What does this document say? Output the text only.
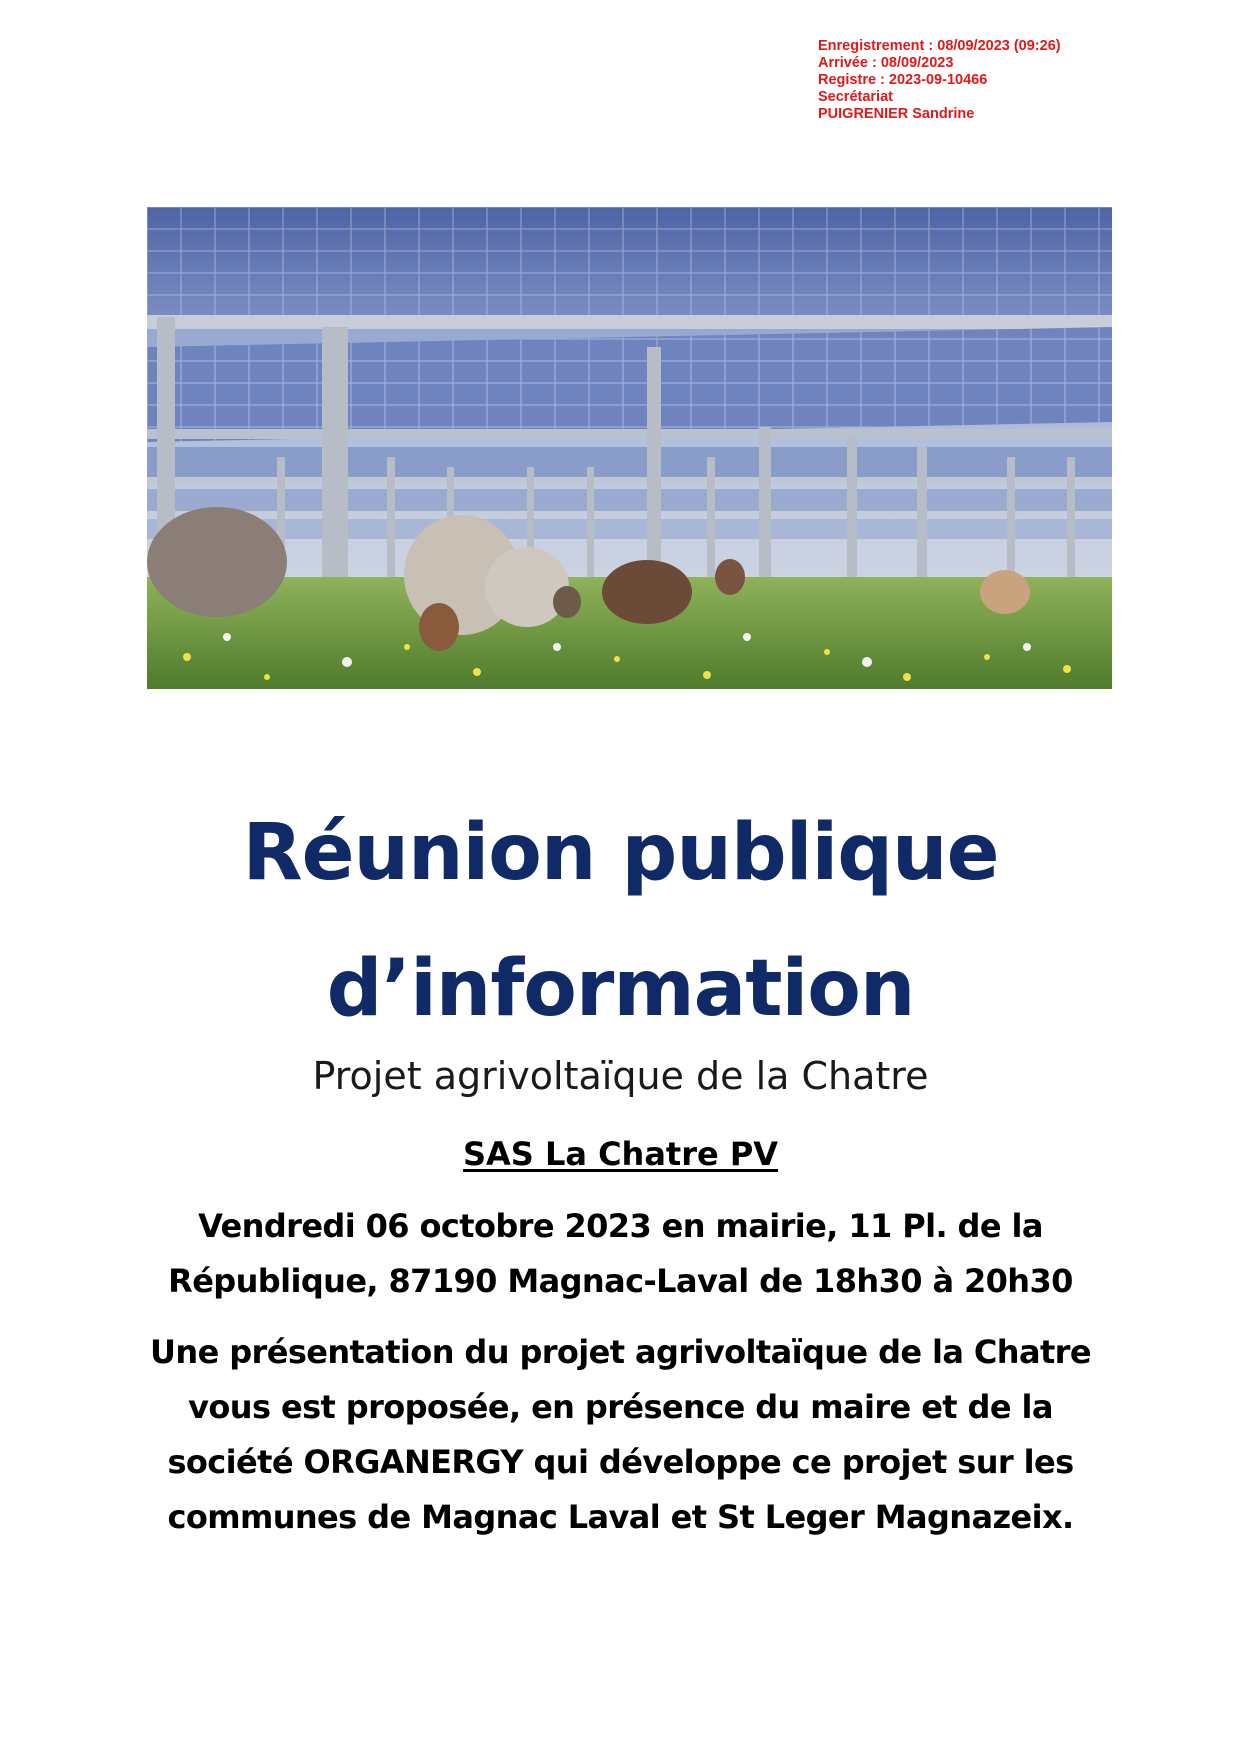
Enregistrement : 08/09/2023 (09:26)
Arrivée : 08/09/2023
Registre : 2023-09-10466
Secrétariat
PUIGRENIER Sandrine
Réunion publique
d’information
Projet agrivoltaïque de la Chatre
SAS La Chatre PV
Vendredi 06 octobre 2023 en mairie, 11 Pl. de la
République, 87190 Magnac-Laval de 18h30 à 20h30
Une présentation du projet agrivoltaïque de la Chatre
vous est proposée, en présence du maire et de la
société ORGANERGY qui développe ce projet sur les
communes de Magnac Laval et St Leger Magnazeix.
